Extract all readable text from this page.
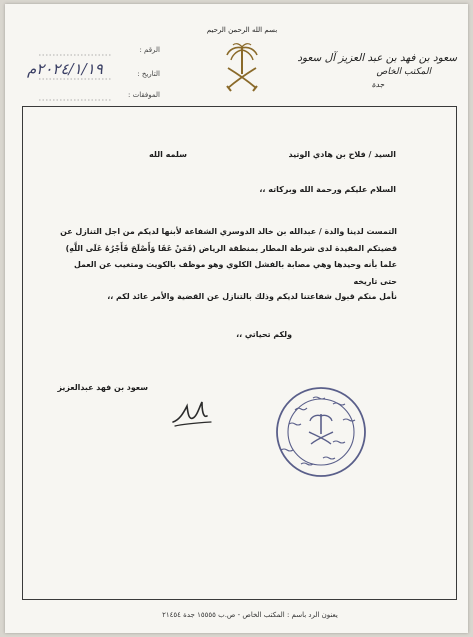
بسم الله الرحمن الرحيم
سعود بن فهد بن عبد العزيز آل سعود
المكتب الخاص
جدة
الرقم :
التاريخ :
الموفقات :
٢٠٢٤/١/١٩م
السيد / فلاح بن هادي الوتيد
سلمه الله
السلام عليكم ورحمة الله وبركاته ،،
التمست لدينا والدة / عبدالله بن خالد الدوسري الشفاعة لأبنها لديكم من اجل التنازل عن
قضيتكم المقيدة لدى شرطة المطار بمنطقة الرياض (فَمَنْ عَفَا وَأَصْلَحَ فَأَجْرُهُ عَلَى اللَّهِ)
علما بأنه وحيدها وهي مصابة بالفشل الكلوي وهو موظف بالكويت ومتغيب عن العمل
حتى تاريخه
نأمل منكم قبول شفاعتنا لديكم وذلك بالتنازل عن القضية والأمر عائد لكم ،،
ولكم تحياتي ،،
سعود بن فهد عبدالعزيز
يعنون الرد باسم : المكتب الخاص - ص.ب ١٥٥٥٥ جدة ٢١٤٥٤
